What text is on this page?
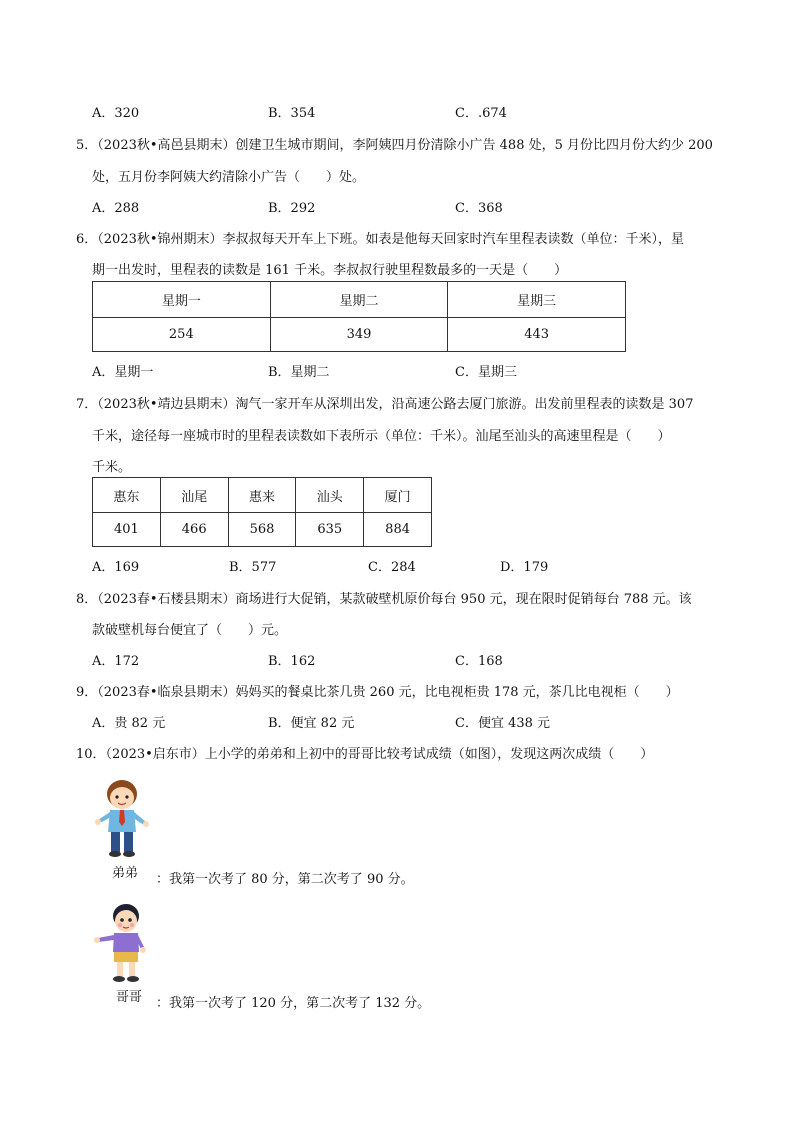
A．320	B．354	C．.674
5．（2023秋•高邑县期末）创建卫生城市期间，李阿姨四月份清除小广告 488 处，5 月份比四月份大约少 200
处，五月份李阿姨大约清除小广告（　　）处。
A．288	B．292	C．368
6．（2023秋•锦州期末）李叔叔每天开车上下班。如表是他每天回家时汽车里程表读数（单位：千米），星
期一出发时，里程表的读数是 161 千米。李叔叔行驶里程数最多的一天是（　　）
星期一	星期二	星期三
254	349	443
A．星期一	B．星期二	C．星期三
7．（2023秋•靖边县期末）淘气一家开车从深圳出发，沿高速公路去厦门旅游。出发前里程表的读数是 307
千米，途径每一座城市时的里程表读数如下表所示（单位：千米）。汕尾至汕头的高速里程是（　　）
千米。
惠东	汕尾	惠来	汕头	厦门
401	466	568	635	884
A．169	B．577	C．284	D．179
8．（2023春•石楼县期末）商场进行大促销，某款破壁机原价每台 950 元，现在限时促销每台 788 元。该
款破壁机每台便宜了（　　）元。
A．172	B．162	C．168
9．（2023春•临泉县期末）妈妈买的餐桌比茶几贵 260 元，比电视柜贵 178 元，茶几比电视柜（　　）
A．贵 82 元	B．便宜 82 元	C．便宜 438 元
10．（2023•启东市）上小学的弟弟和上初中的哥哥比较考试成绩（如图），发现这两次成绩（　　）
弟弟 ：我第一次考了 80 分，第二次考了 90 分。
哥哥 ：我第一次考了 120 分，第二次考了 132 分。
